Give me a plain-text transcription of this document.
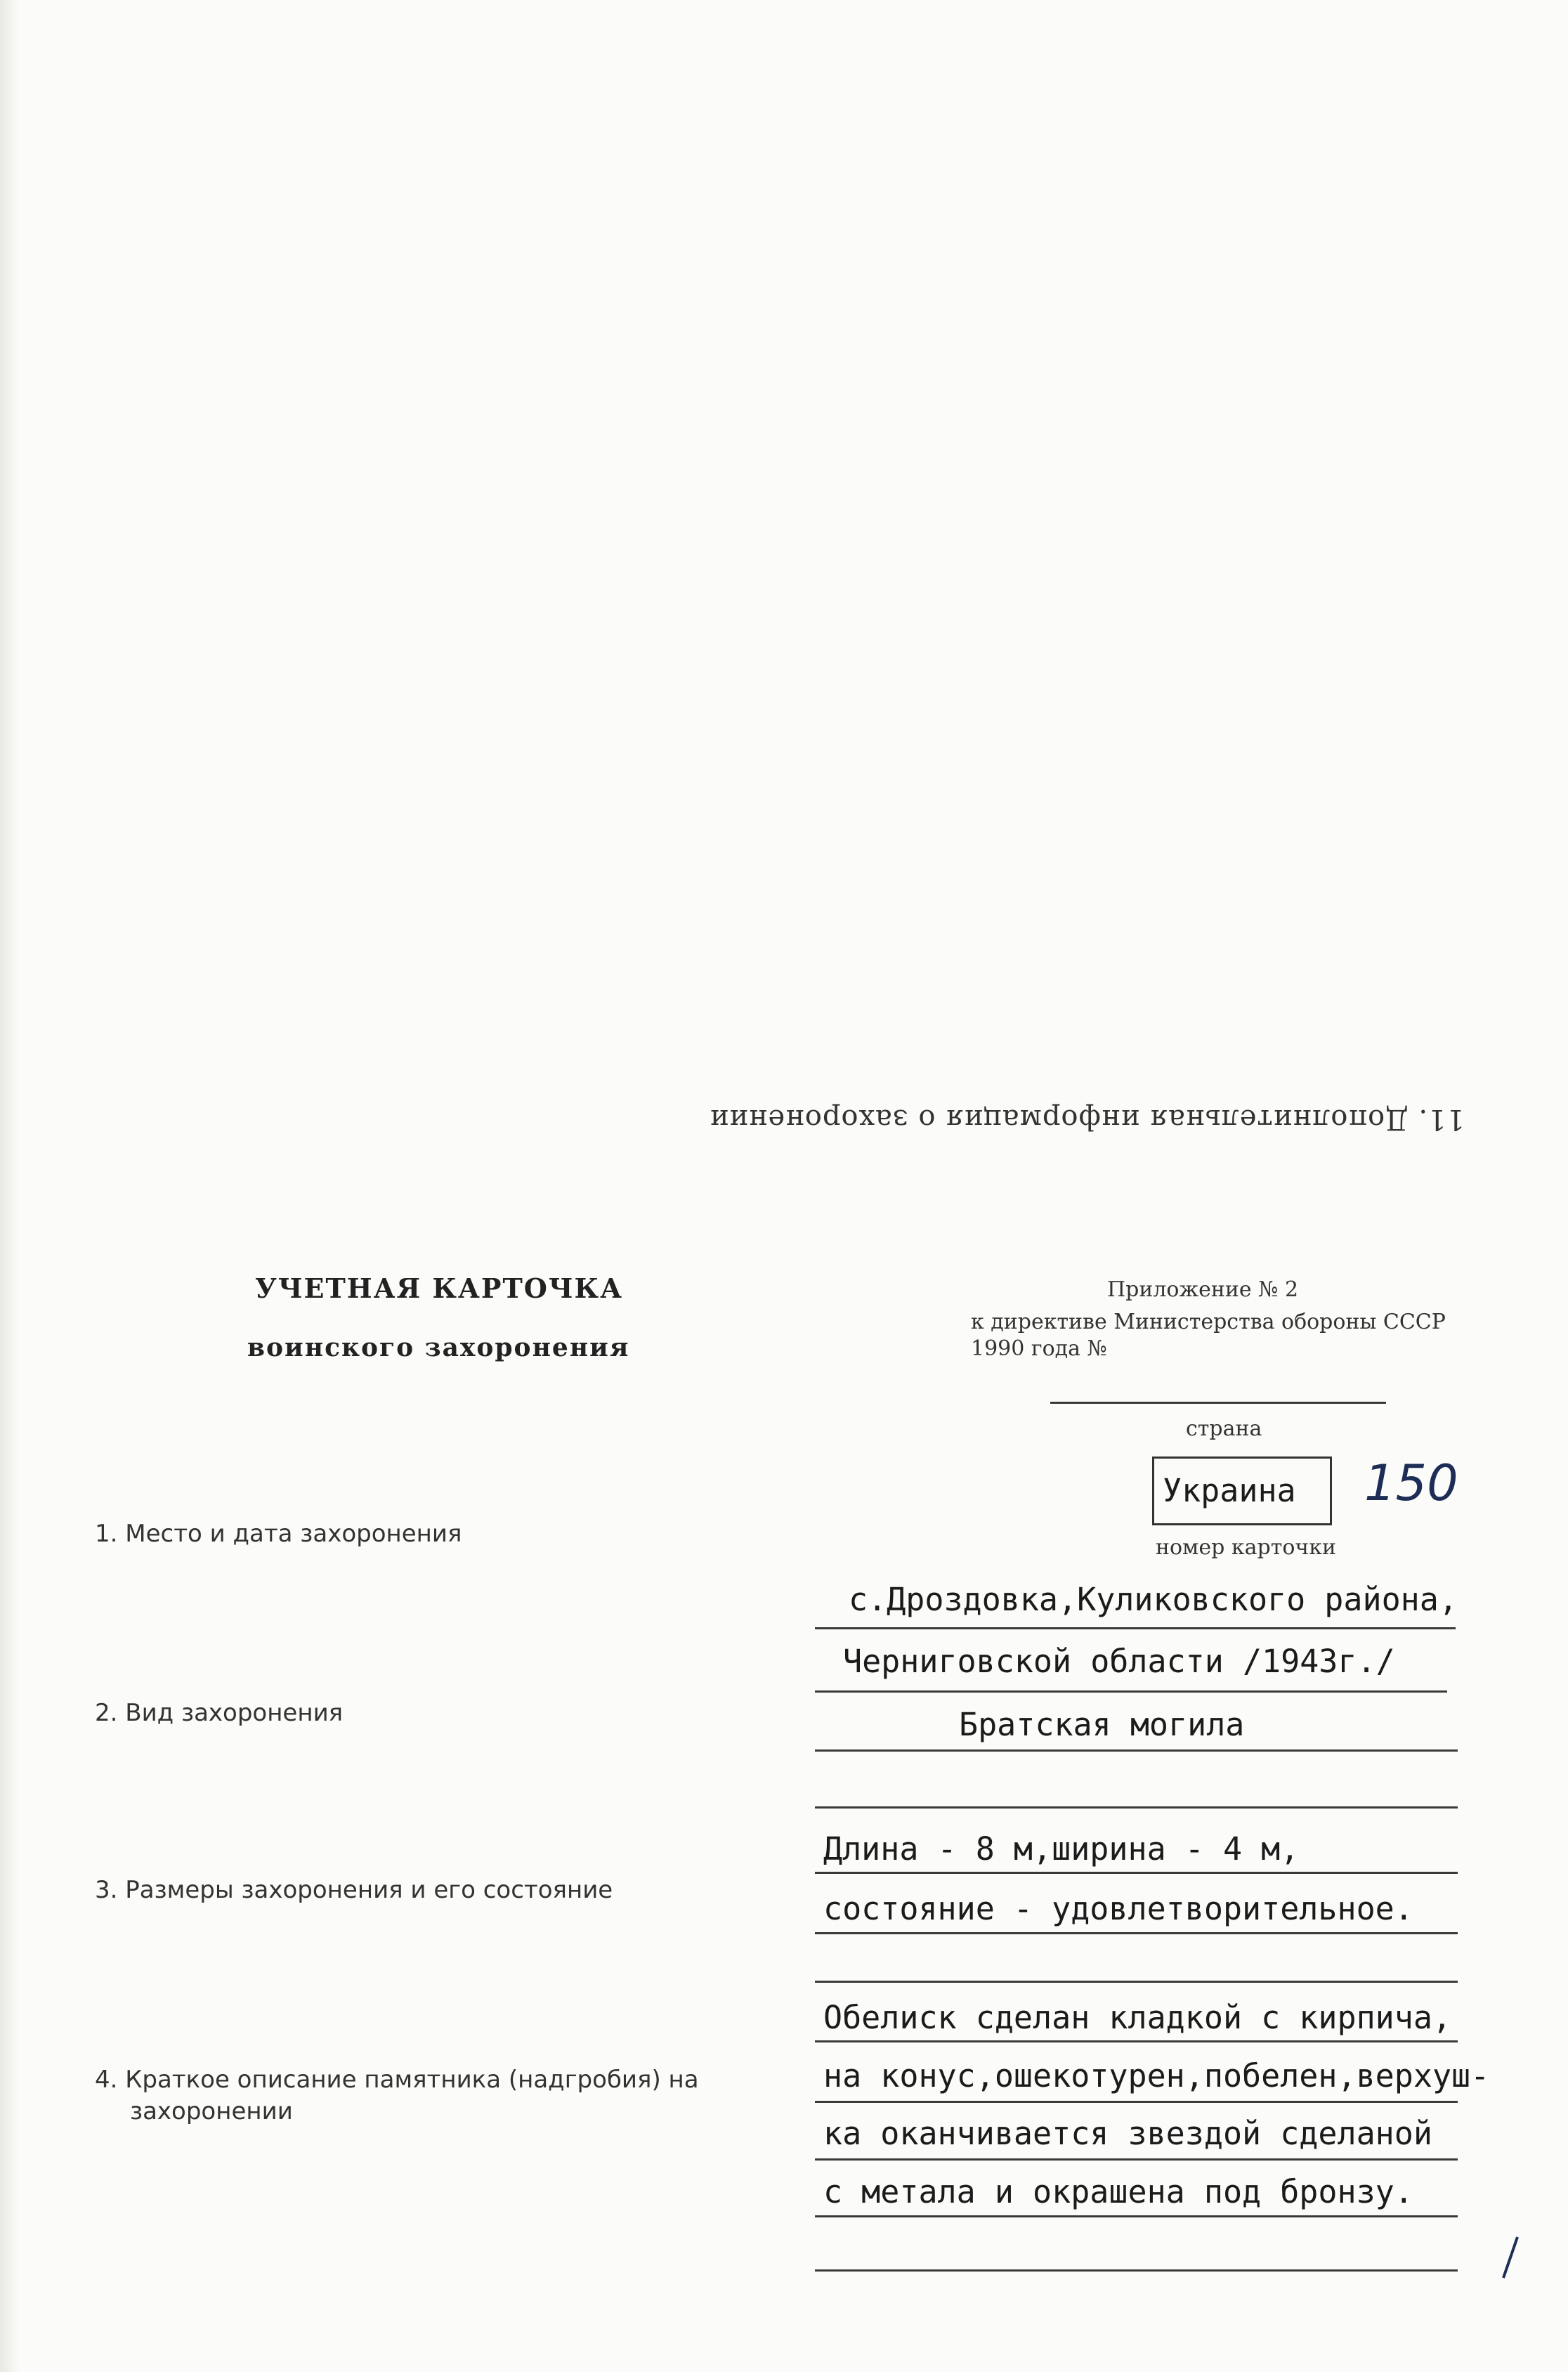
11. Дополнительная информация о захоронении
УЧЕТНАЯ КАРТОЧКА
воинского захоронения
Приложение № 2
к директиве Министерства обороны СССР
1990 года №
страна
Украина 150
номер карточки
1. Место и дата захоронения
с.Дроздовка,Куликовского района,
Черниговской области /1943г./
2. Вид захоронения	Братская могила
3. Размеры захоронения и его состояние
Длина - 8 м,ширина - 4 м,
состояние - удовлетворительное.
4. Краткое описание памятника (надгробия) на
захоронении
Обелиск сделан кладкой с кирпича,
на конус,ошекотурен,побелен,верхуш-
ка оканчивается звездой сделаной
с метала и окрашена под бронзу.
